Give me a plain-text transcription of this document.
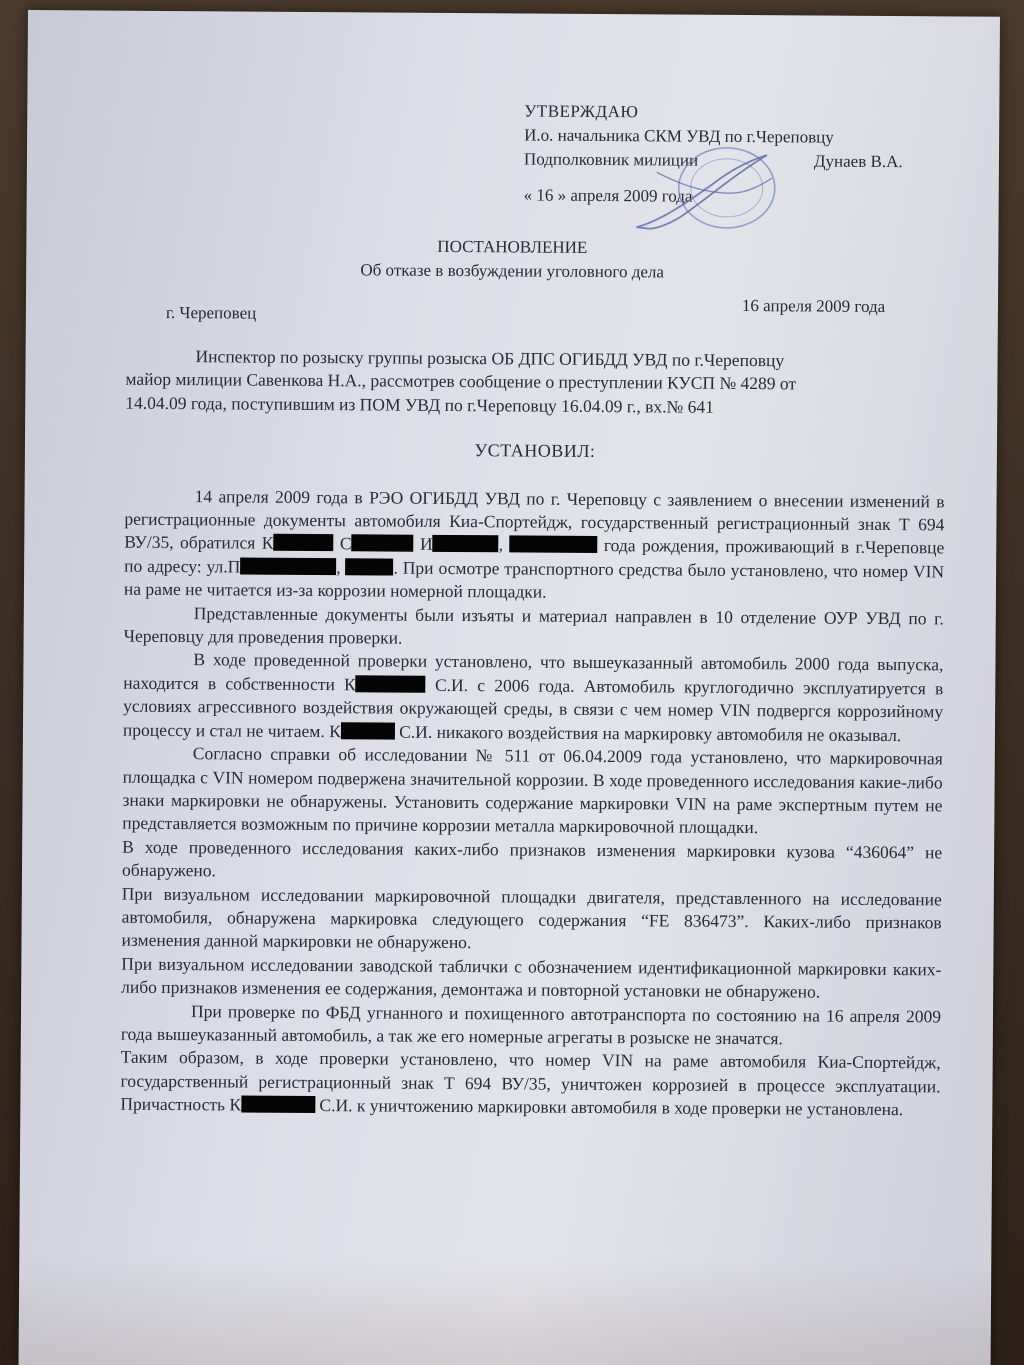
УТВЕРЖДАЮ
И.о. начальника СКМ УВД по г.Череповцу
Подполковник милиции	Дунаев В.А.
« 16 » апреля 2009 года
ПОСТАНОВЛЕНИЕ
Об отказе в возбуждении уголовного дела
г. Череповец	16 апреля 2009 года

Инспектор по розыску группы розыска ОБ ДПС ОГИБДД УВД по г.Череповцу

майор милиции Савенкова Н.А., рассмотрев сообщение о преступлении КУСП № 4289 от

14.04.09 года, поступившим из ПОМ УВД по г.Череповцу 16.04.09 г., вх.№ 641

УСТАНОВИЛ:

14 апреля 2009 года в РЭО ОГИБДД УВД по г. Череповцу с заявлением о внесении изменений в регистрационные документы автомобиля Киа-Спортейдж, государственный регистрационный знак Т 694 ВУ/35, обратился К	С	И	,	года рождения, проживающий в г.Череповце по адресу: ул.П	,	. При осмотре транспортного средства было установлено, что номер VIN на раме не читается из-за коррозии номерной площадки.

Представленные документы были изъяты и материал направлен в 10 отделение ОУР УВД по г. Череповцу для проведения проверки.

В ходе проведенной проверки установлено, что вышеуказанный автомобиль 2000 года выпуска, находится в собственности К	С.И. с 2006 года. Автомобиль круглогодично эксплуатируется в условиях агрессивного воздействия окружающей среды, в связи с чем номер VIN подвергся коррозийному процессу и стал не читаем. К	С.И. никакого воздействия на маркировку автомобиля не оказывал.

Согласно справки об исследовании № 511 от 06.04.2009 года установлено, что маркировочная площадка с VIN номером подвержена значительной коррозии. В ходе проведенного исследования какие-либо знаки маркировки не обнаружены. Установить содержание маркировки VIN на раме экспертным путем не представляется возможным по причине коррозии металла маркировочной площадки.

В ходе проведенного исследования каких-либо признаков изменения маркировки кузова “436064” не обнаружено.

При визуальном исследовании маркировочной площадки двигателя, представленного на исследование автомобиля, обнаружена маркировка следующего содержания “FE 836473”. Каких-либо признаков изменения данной маркировки не обнаружено.

При визуальном исследовании заводской таблички с обозначением идентификационной маркировки каких-либо признаков изменения ее содержания, демонтажа и повторной установки не обнаружено.

При проверке по ФБД угнанного и похищенного автотранспорта по состоянию на 16 апреля 2009 года вышеуказанный автомобиль, а так же его номерные агрегаты в розыске не значатся.

Таким образом, в ходе проверки установлено, что номер VIN на раме автомобиля Киа-Спортейдж, государственный регистрационный знак Т 694 ВУ/35, уничтожен коррозией в процессе эксплуатации. Причастность К	С.И. к уничтожению маркировки автомобиля в ходе проверки не установлена.
